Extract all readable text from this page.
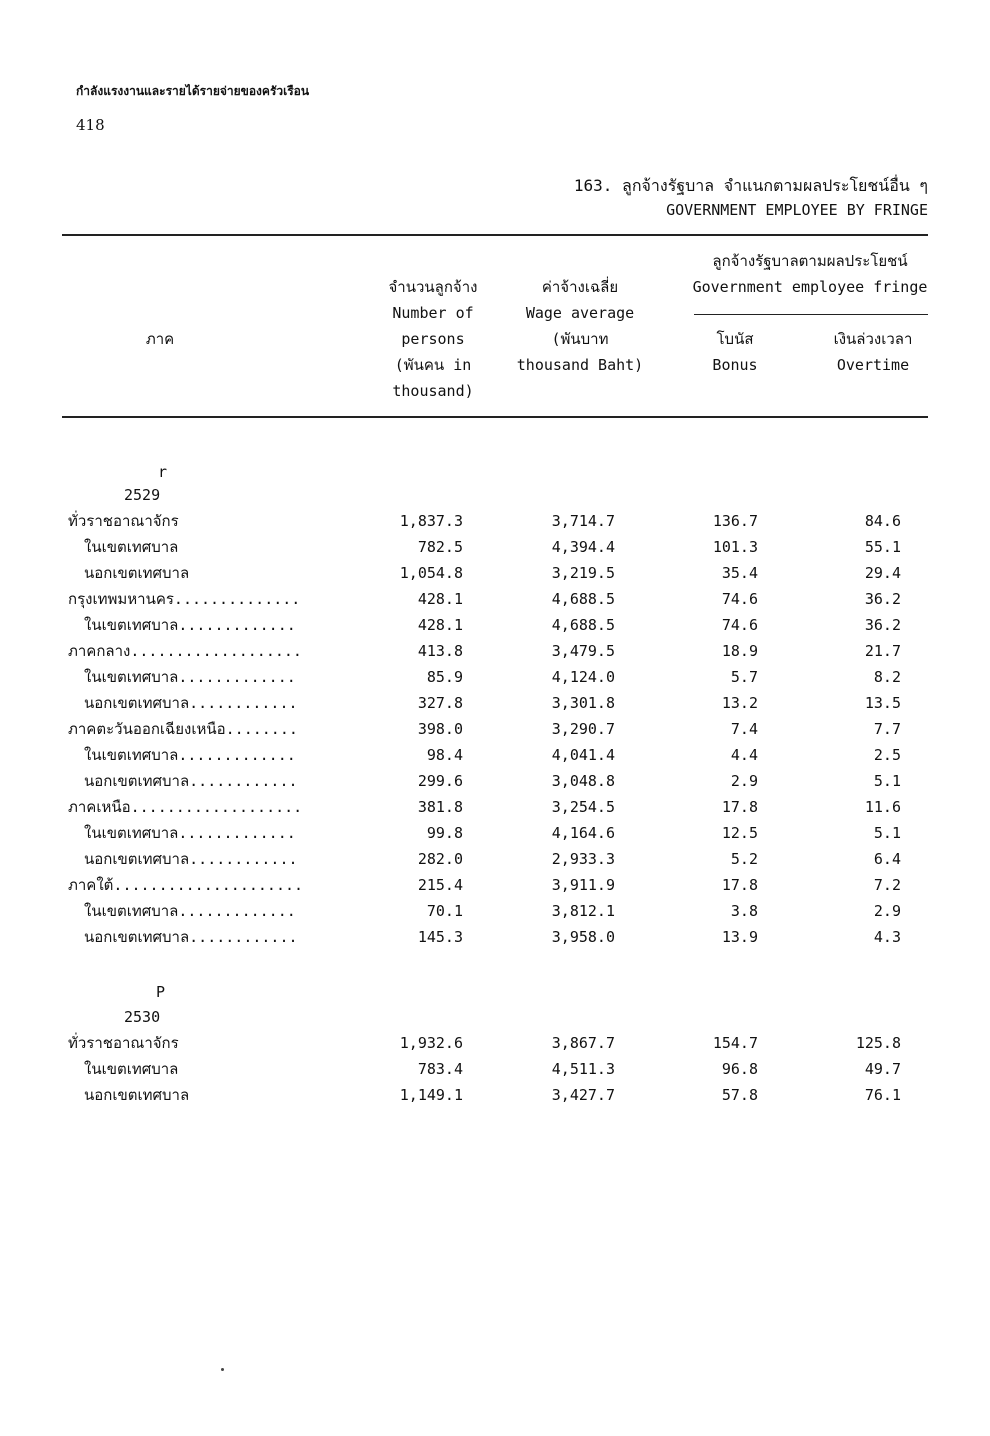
กำลังแรงงานและรายได้รายจ่ายของครัวเรือน
418
163. ลูกจ้างรัฐบาล จำแนกตามผลประโยชน์อื่น ๆ
GOVERNMENT EMPLOYEE BY FRINGE
ภาค
จำนวนลูกจ้าง
Number of
persons
(พันคน in
thousand)
ค่าจ้างเฉลี่ย
Wage average
(พันบาท
thousand Baht)
ลูกจ้างรัฐบาลตามผลประโยชน์
Government employee fringe
โบนัส
Bonus
เงินล่วงเวลา
Overtime
r
2529
ทั่วราชอาณาจักร	1,837.3	3,714.7	136.7	84.6
ในเขตเทศบาล	782.5	4,394.4	101.3	55.1
นอกเขตเทศบาล	1,054.8	3,219.5	35.4	29.4
กรุงเทพมหานคร..............	428.1	4,688.5	74.6	36.2
ในเขตเทศบาล.............	428.1	4,688.5	74.6	36.2
ภาคกลาง...................	413.8	3,479.5	18.9	21.7
ในเขตเทศบาล.............	85.9	4,124.0	5.7	8.2
นอกเขตเทศบาล............	327.8	3,301.8	13.2	13.5
ภาคตะวันออกเฉียงเหนือ........	398.0	3,290.7	7.4	7.7
ในเขตเทศบาล.............	98.4	4,041.4	4.4	2.5
นอกเขตเทศบาล............	299.6	3,048.8	2.9	5.1
ภาคเหนือ...................	381.8	3,254.5	17.8	11.6
ในเขตเทศบาล.............	99.8	4,164.6	12.5	5.1
นอกเขตเทศบาล............	282.0	2,933.3	5.2	6.4
ภาคใต้.....................	215.4	3,911.9	17.8	7.2
ในเขตเทศบาล.............	70.1	3,812.1	3.8	2.9
นอกเขตเทศบาล............	145.3	3,958.0	13.9	4.3
P
2530
ทั่วราชอาณาจักร	1,932.6	3,867.7	154.7	125.8
ในเขตเทศบาล	783.4	4,511.3	96.8	49.7
นอกเขตเทศบาล	1,149.1	3,427.7	57.8	76.1
